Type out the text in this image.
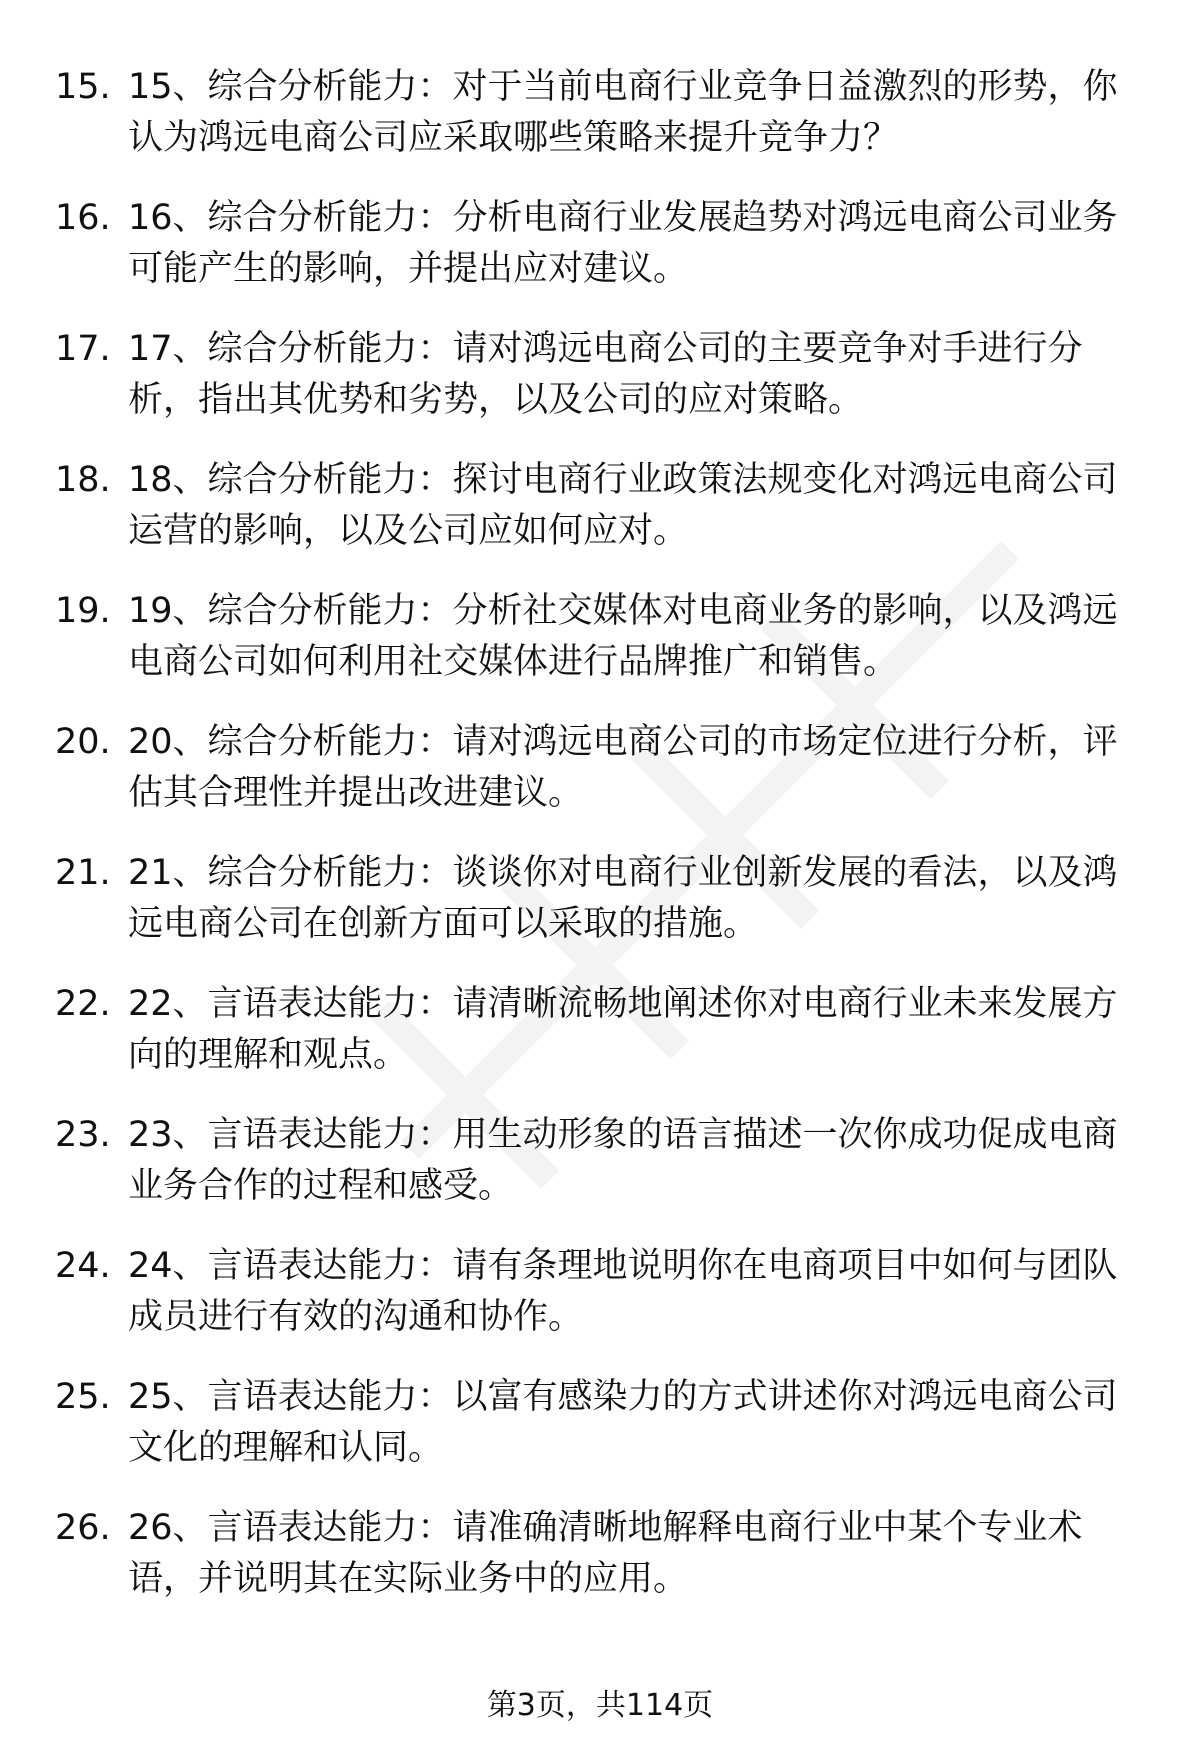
15. 15、综合分析能力：对于当前电商行业竞争日益激烈的形势，你
认为鸿远电商公司应采取哪些策略来提升竞争力？
16. 16、综合分析能力：分析电商行业发展趋势对鸿远电商公司业务
可能产生的影响，并提出应对建议。
17. 17、综合分析能力：请对鸿远电商公司的主要竞争对手进行分
析，指出其优势和劣势，以及公司的应对策略。
18. 18、综合分析能力：探讨电商行业政策法规变化对鸿远电商公司
运营的影响，以及公司应如何应对。
19. 19、综合分析能力：分析社交媒体对电商业务的影响，以及鸿远
电商公司如何利用社交媒体进行品牌推广和销售。
20. 20、综合分析能力：请对鸿远电商公司的市场定位进行分析，评
估其合理性并提出改进建议。
21. 21、综合分析能力：谈谈你对电商行业创新发展的看法，以及鸿
远电商公司在创新方面可以采取的措施。
22. 22、言语表达能力：请清晰流畅地阐述你对电商行业未来发展方
向的理解和观点。
23. 23、言语表达能力：用生动形象的语言描述一次你成功促成电商
业务合作的过程和感受。
24. 24、言语表达能力：请有条理地说明你在电商项目中如何与团队
成员进行有效的沟通和协作。
25. 25、言语表达能力：以富有感染力的方式讲述你对鸿远电商公司
文化的理解和认同。
26. 26、言语表达能力：请准确清晰地解释电商行业中某个专业术
语，并说明其在实际业务中的应用。
第3页，共114页
